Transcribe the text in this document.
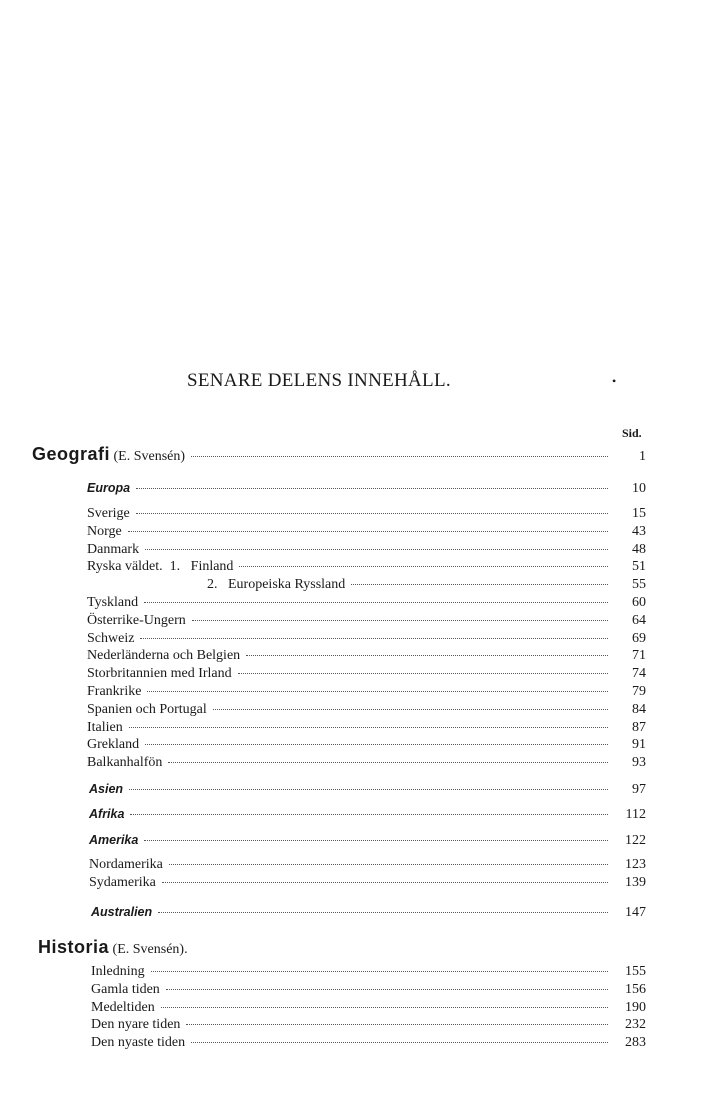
SENARE DELENS INNEHÅLL.	•
Sid.
Geografi (E. Svensén)	1
Europa	10
Sverige	15
Norge	43
Danmark	48
Ryska väldet. 1. Finland	51
2. Europeiska Ryssland	55
Tyskland	60
Österrike-Ungern	64
Schweiz	69
Nederländerna och Belgien	71
Storbritannien med Irland	74
Frankrike	79
Spanien och Portugal	84
Italien	87
Grekland	91
Balkanhalfön	93
Asien	97
Afrika	112
Amerika	122
Nordamerika	123
Sydamerika	139
Australien	147
Historia (E. Svensén).
Inledning	155
Gamla tiden	156
Medeltiden	190
Den nyare tiden	232
Den nyaste tiden	283
